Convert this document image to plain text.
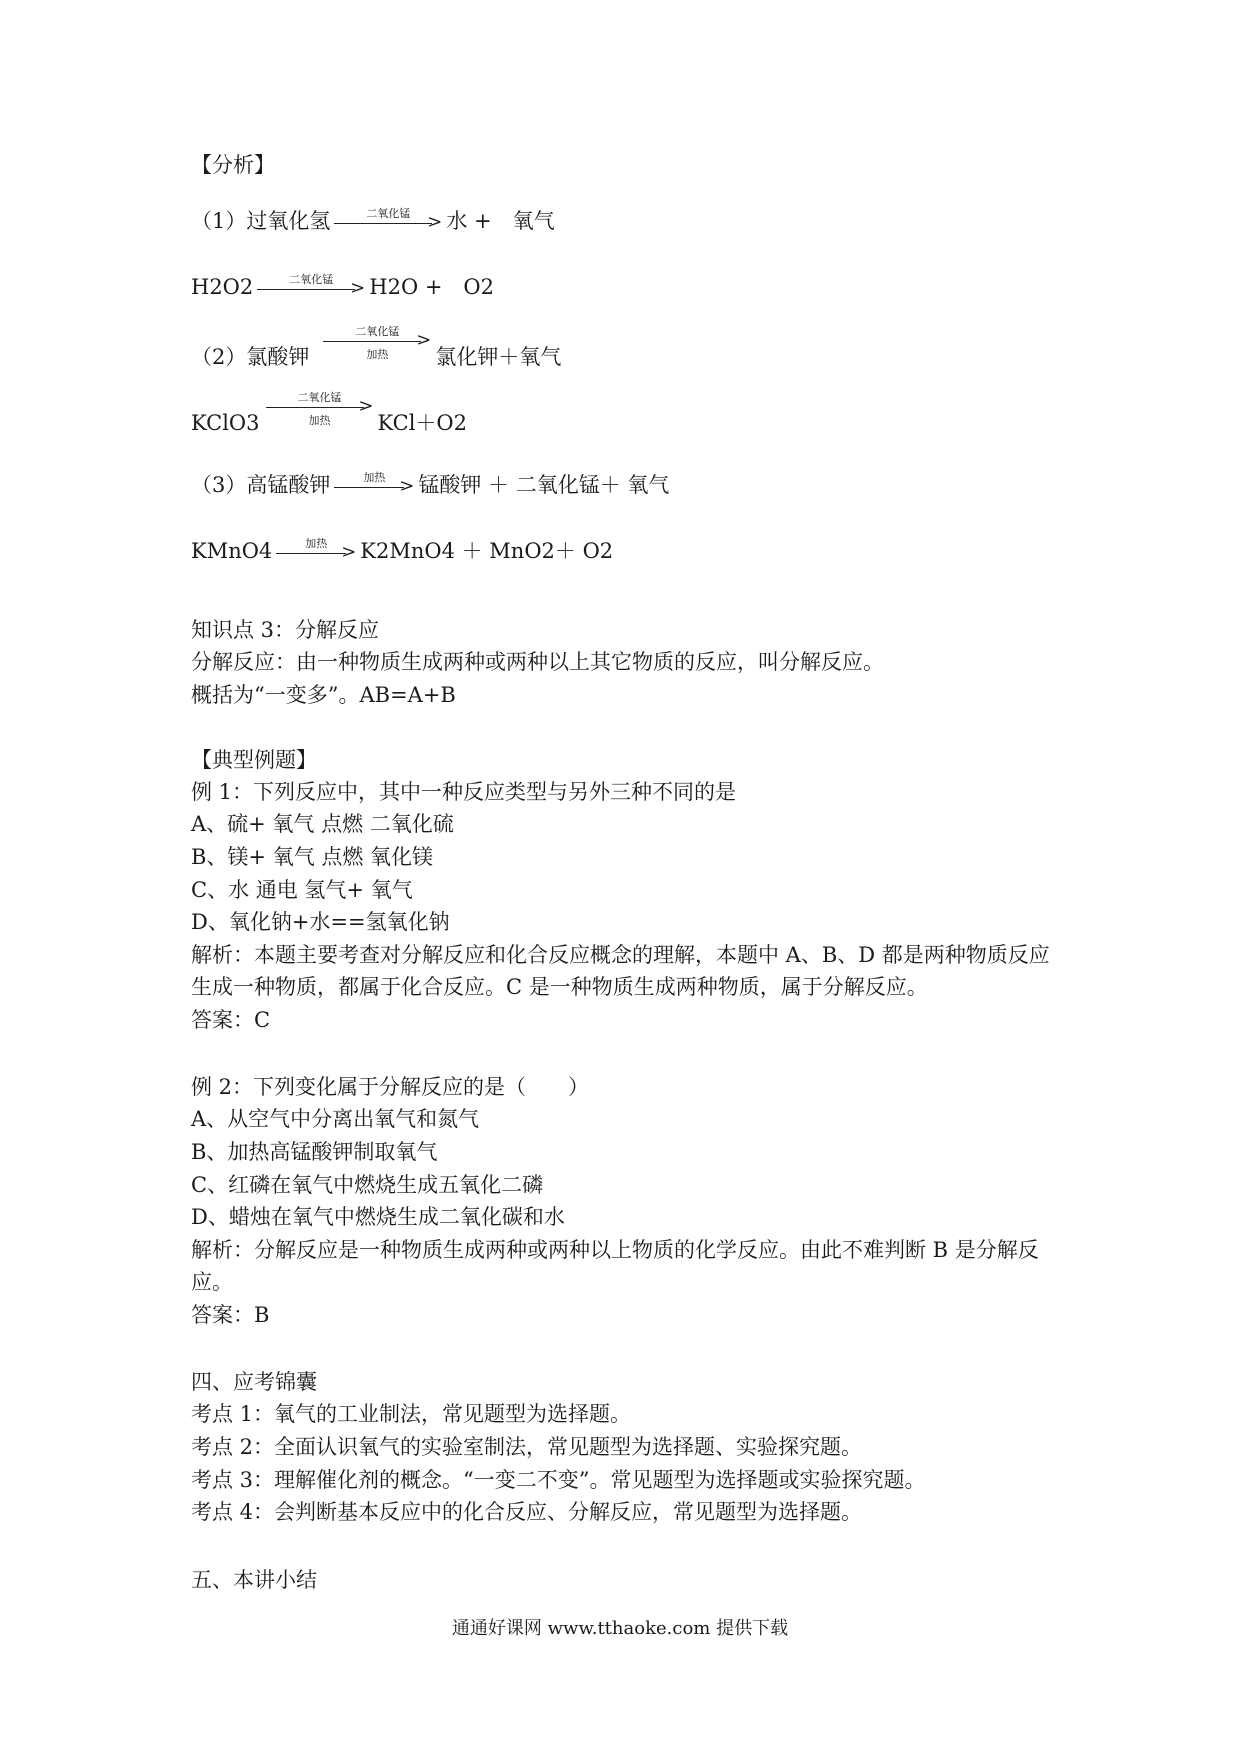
【分析】
（1）过氧化氢	二氧化锰 > 水 +　氧气
H2O2	二氧化锰 > H2O +　O2
（2）氯酸钾
二氧化锰 >
加热	氯化钾＋氧气
KClO3
二氧化锰 >
加热	KCl＋O2
（3）高锰酸钾	加热 > 锰酸钾 ＋ 二氧化锰＋ 氧气
KMnO4	加热 > K2MnO4 ＋ MnO2＋ O2
知识点 3：分解反应
分解反应：由一种物质生成两种或两种以上其它物质的反应，叫分解反应。
概括为“一变多”。AB=A+B
【典型例题】
例 1：下列反应中，其中一种反应类型与另外三种不同的是
A、硫+ 氧气 点燃 二氧化硫
B、镁+ 氧气 点燃 氧化镁
C、水 通电 氢气+ 氧气
D、氧化钠+水==氢氧化钠
解析：本题主要考查对分解反应和化合反应概念的理解，本题中 A、B、D 都是两种物质反应生成一种物质，都属于化合反应。C 是一种物质生成两种物质，属于分解反应。
答案：C
例 2：下列变化属于分解反应的是（　　）
A、从空气中分离出氧气和氮气
B、加热高锰酸钾制取氧气
C、红磷在氧气中燃烧生成五氧化二磷
D、蜡烛在氧气中燃烧生成二氧化碳和水
解析：分解反应是一种物质生成两种或两种以上物质的化学反应。由此不难判断 B 是分解反应。
答案：B
四、应考锦囊
考点 1：氧气的工业制法，常见题型为选择题。
考点 2：全面认识氧气的实验室制法，常见题型为选择题、实验探究题。
考点 3：理解催化剂的概念。“一变二不变”。常见题型为选择题或实验探究题。
考点 4：会判断基本反应中的化合反应、分解反应，常见题型为选择题。
五、本讲小结
通通好课网 www.tthaoke.com 提供下载
